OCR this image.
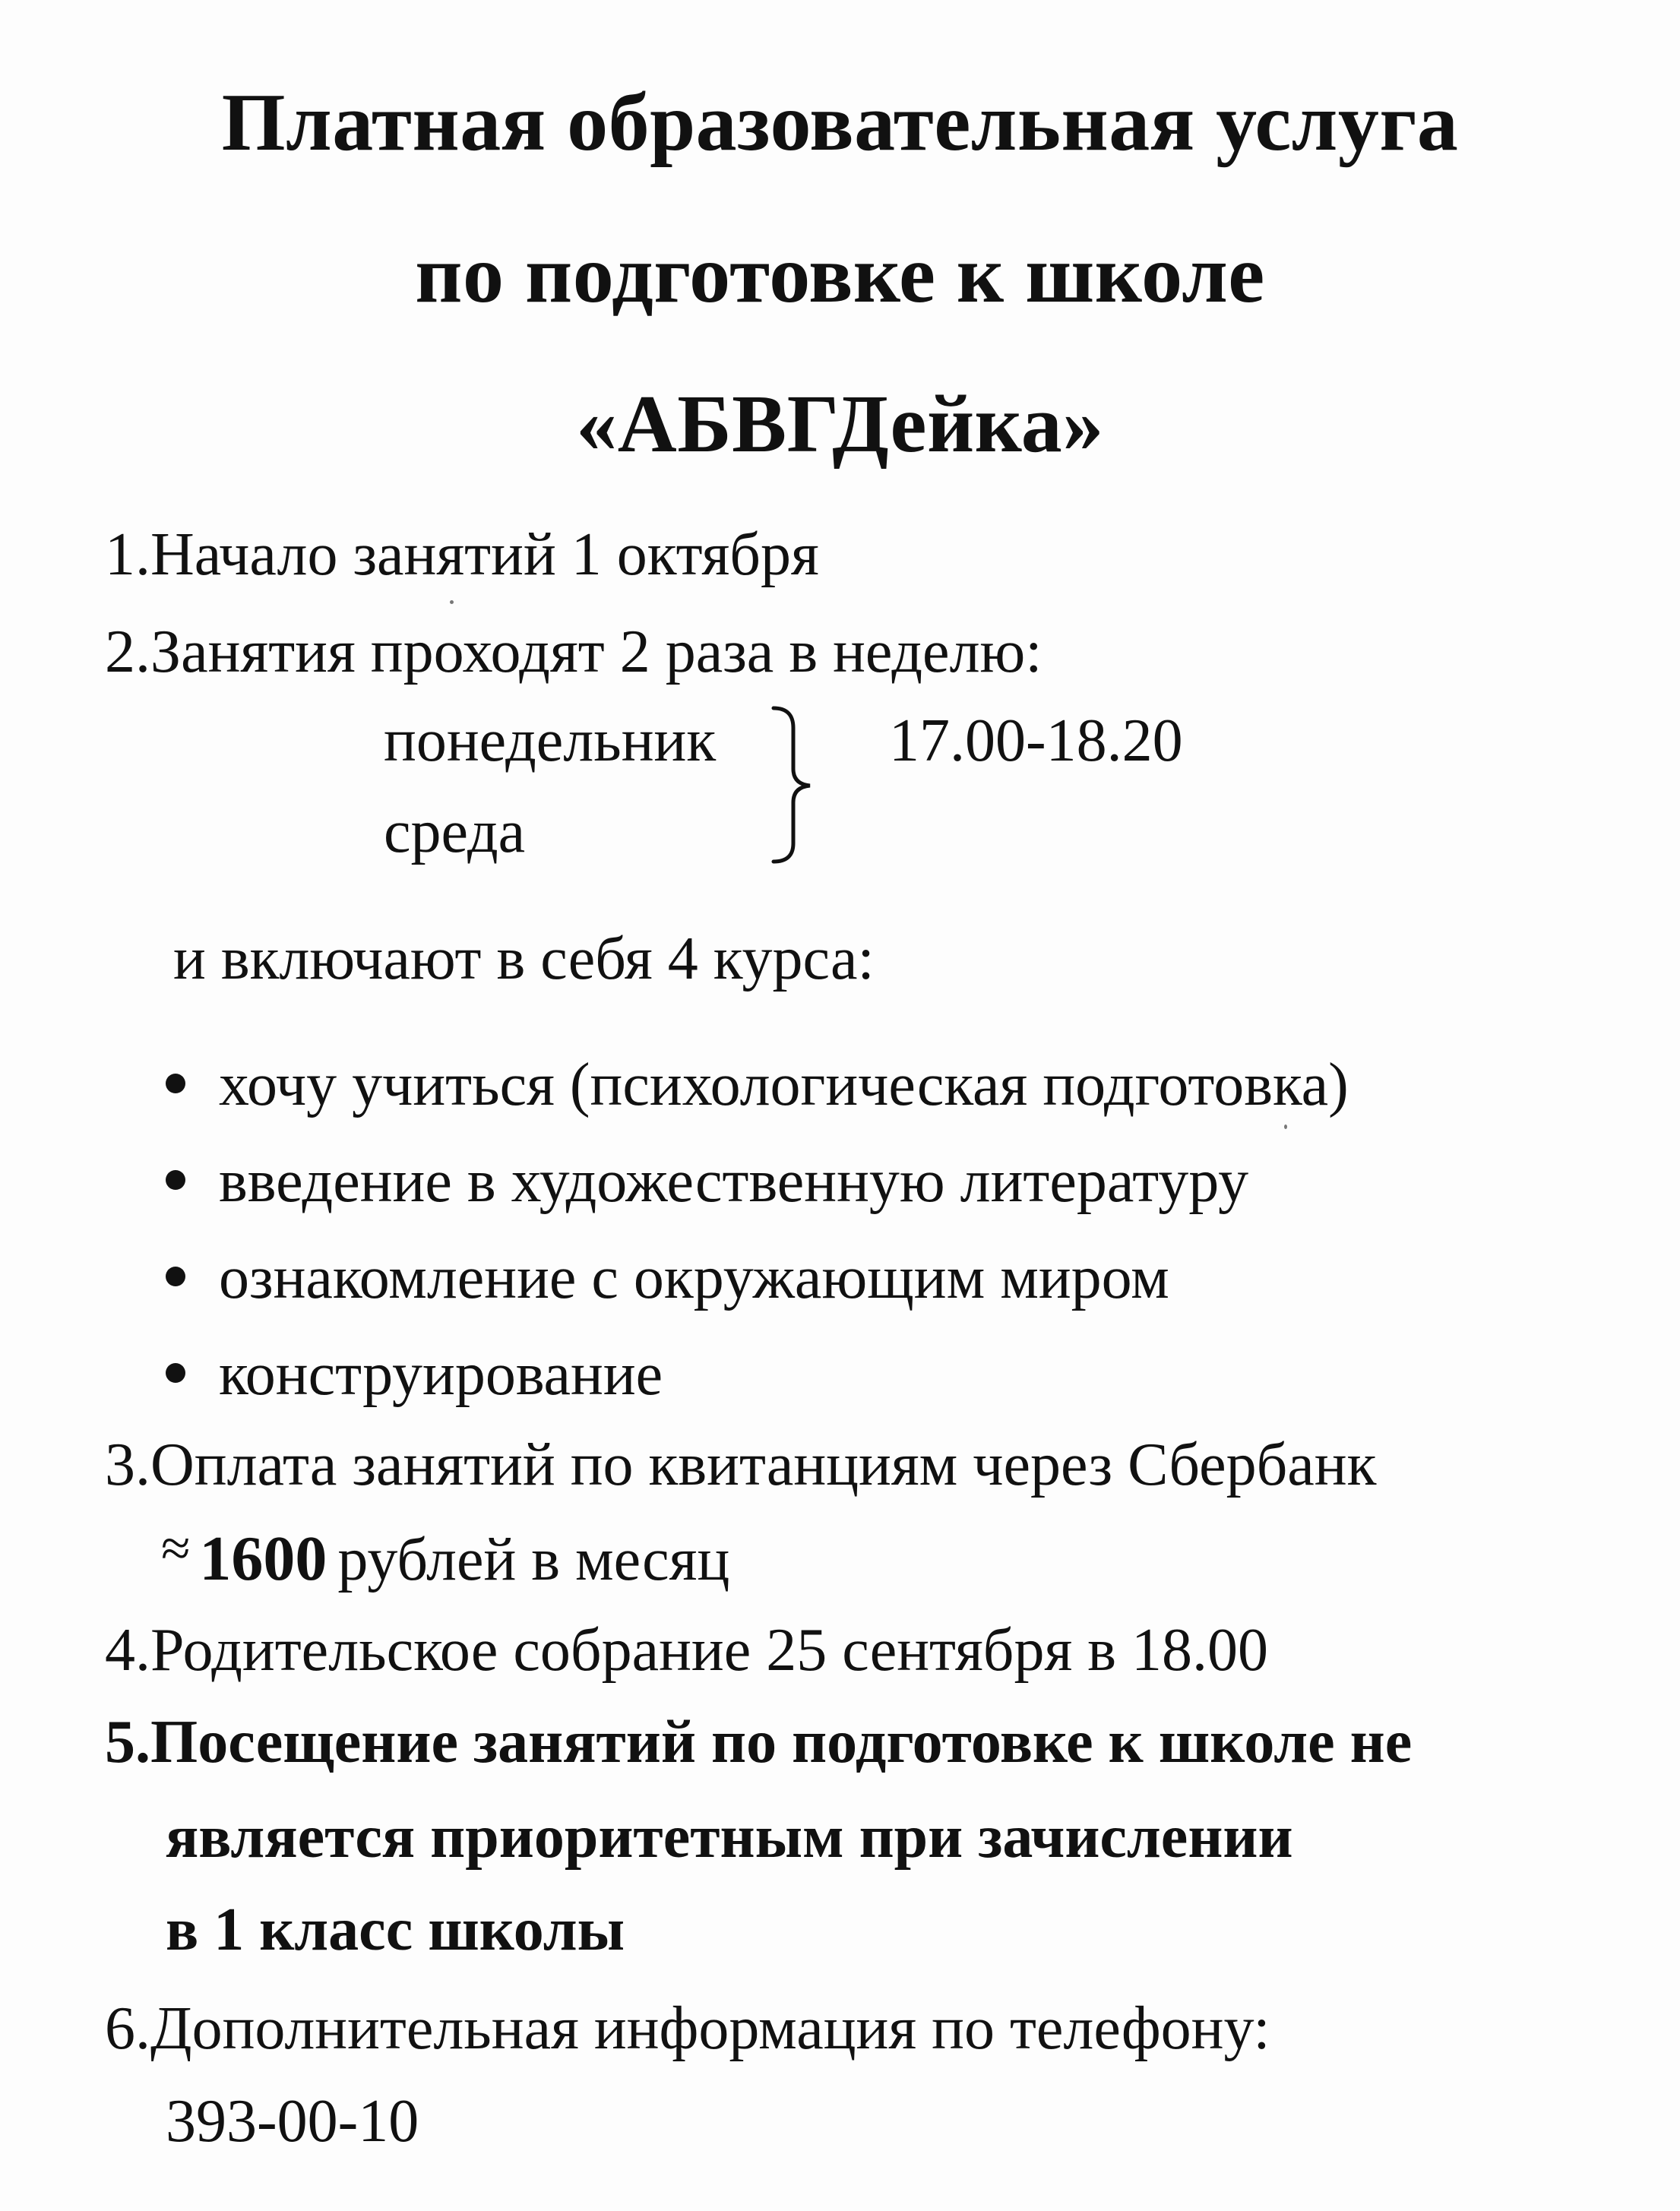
Платная образовательная услуга
по подготовке к школе
«АБВГДейка»
1.Начало занятий 1 октября
2.Занятия проходят 2 раза в неделю:
понедельник
среда
17.00-18.20
и включают в себя 4 курса:
хочу учиться (психологическая подготовка)
введение в художественную литературу
ознакомление с окружающим миром
конструирование
3.Оплата занятий по квитанциям через Сбербанк
≈ 1600 рублей в месяц
4.Родительское собрание 25 сентября в 18.00
5.Посещение занятий по подготовке к школе не
является приоритетным при зачислении
в 1 класс школы
6.Дополнительная информация по телефону:
393-00-10
